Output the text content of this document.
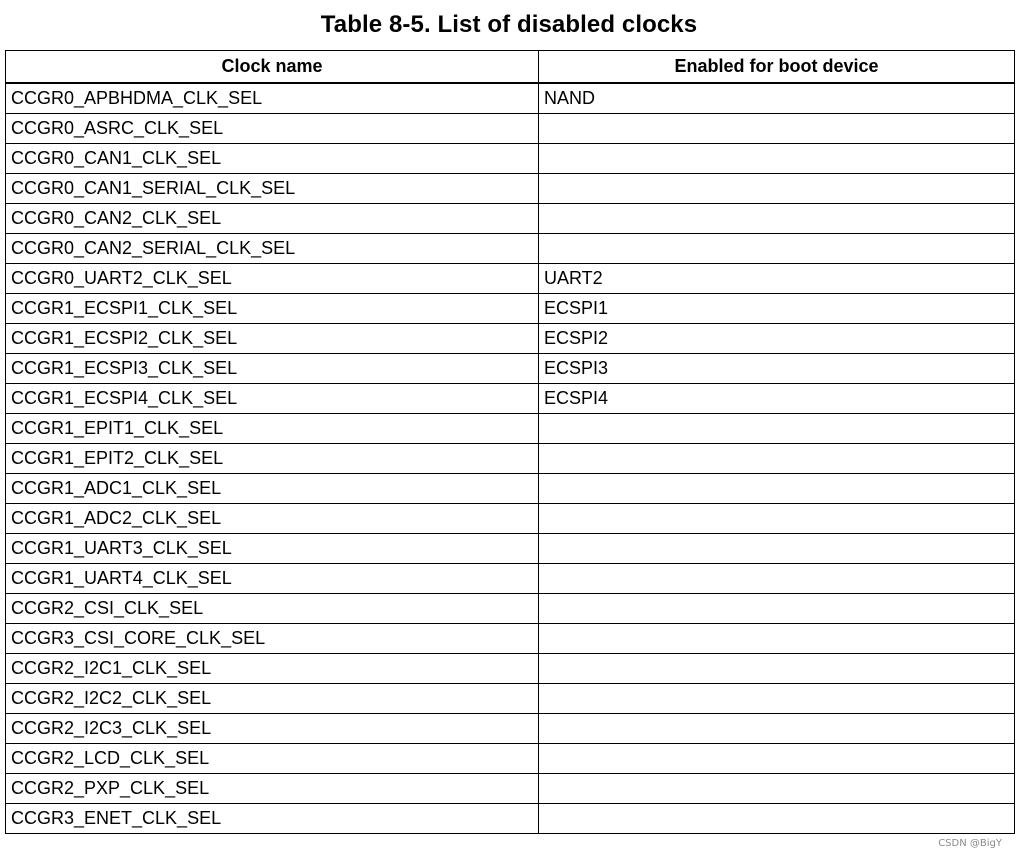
Table 8-5. List of disabled clocks
Clock name	Enabled for boot device
CCGR0_APBHDMA_CLK_SEL	NAND
CCGR0_ASRC_CLK_SEL	
CCGR0_CAN1_CLK_SEL	
CCGR0_CAN1_SERIAL_CLK_SEL	
CCGR0_CAN2_CLK_SEL	
CCGR0_CAN2_SERIAL_CLK_SEL	
CCGR0_UART2_CLK_SEL	UART2
CCGR1_ECSPI1_CLK_SEL	ECSPI1
CCGR1_ECSPI2_CLK_SEL	ECSPI2
CCGR1_ECSPI3_CLK_SEL	ECSPI3
CCGR1_ECSPI4_CLK_SEL	ECSPI4
CCGR1_EPIT1_CLK_SEL	
CCGR1_EPIT2_CLK_SEL	
CCGR1_ADC1_CLK_SEL	
CCGR1_ADC2_CLK_SEL	
CCGR1_UART3_CLK_SEL	
CCGR1_UART4_CLK_SEL	
CCGR2_CSI_CLK_SEL	
CCGR3_CSI_CORE_CLK_SEL	
CCGR2_I2C1_CLK_SEL	
CCGR2_I2C2_CLK_SEL	
CCGR2_I2C3_CLK_SEL	
CCGR2_LCD_CLK_SEL	
CCGR2_PXP_CLK_SEL	
CCGR3_ENET_CLK_SEL	
CSDN @BigY
